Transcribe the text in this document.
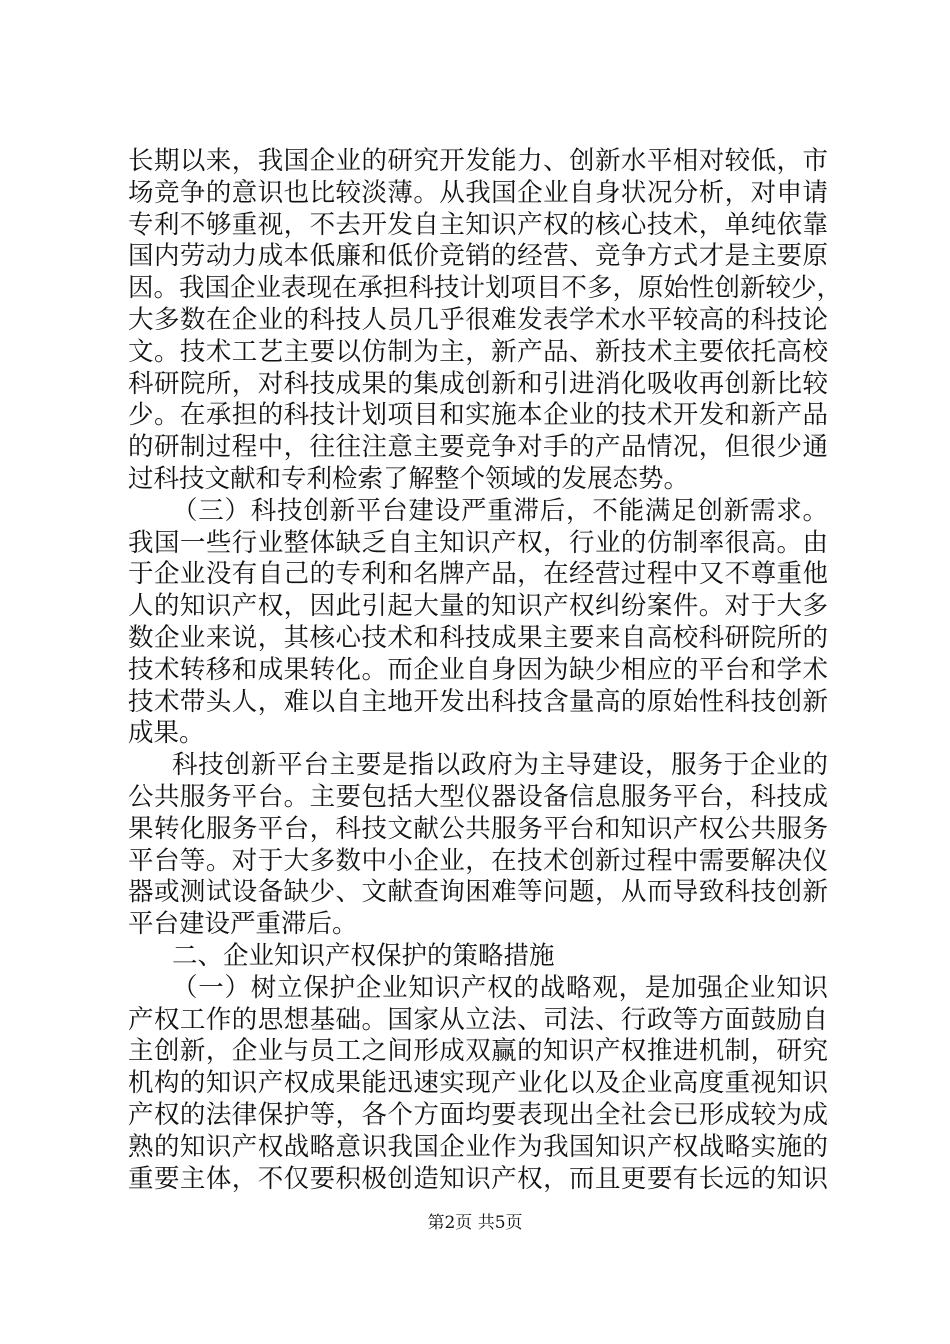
长期以来，我国企业的研究开发能力、创新水平相对较低，市
场竞争的意识也比较淡薄。从我国企业自身状况分析，对申请
专利不够重视，不去开发自主知识产权的核心技术，单纯依靠
国内劳动力成本低廉和低价竞销的经营、竞争方式才是主要原
因。我国企业表现在承担科技计划项目不多，原始性创新较少，
大多数在企业的科技人员几乎很难发表学术水平较高的科技论
文。技术工艺主要以仿制为主，新产品、新技术主要依托高校
科研院所，对科技成果的集成创新和引进消化吸收再创新比较
少。在承担的科技计划项目和实施本企业的技术开发和新产品
的研制过程中，往往注意主要竞争对手的产品情况，但很少通
过科技文献和专利检索了解整个领域的发展态势。
（三）科技创新平台建设严重滞后，不能满足创新需求。
我国一些行业整体缺乏自主知识产权，行业的仿制率很高。由
于企业没有自己的专利和名牌产品，在经营过程中又不尊重他
人的知识产权，因此引起大量的知识产权纠纷案件。对于大多
数企业来说，其核心技术和科技成果主要来自高校科研院所的
技术转移和成果转化。而企业自身因为缺少相应的平台和学术
技术带头人，难以自主地开发出科技含量高的原始性科技创新
成果。
科技创新平台主要是指以政府为主导建设，服务于企业的
公共服务平台。主要包括大型仪器设备信息服务平台，科技成
果转化服务平台，科技文献公共服务平台和知识产权公共服务
平台等。对于大多数中小企业，在技术创新过程中需要解决仪
器或测试设备缺少、文献查询困难等问题，从而导致科技创新
平台建设严重滞后。
二、企业知识产权保护的策略措施
（一）树立保护企业知识产权的战略观，是加强企业知识
产权工作的思想基础。国家从立法、司法、行政等方面鼓励自
主创新，企业与员工之间形成双赢的知识产权推进机制，研究
机构的知识产权成果能迅速实现产业化以及企业高度重视知识
产权的法律保护等，各个方面均要表现出全社会已形成较为成
熟的知识产权战略意识我国企业作为我国知识产权战略实施的
重要主体，不仅要积极创造知识产权，而且更要有长远的知识
第2页 共5页
